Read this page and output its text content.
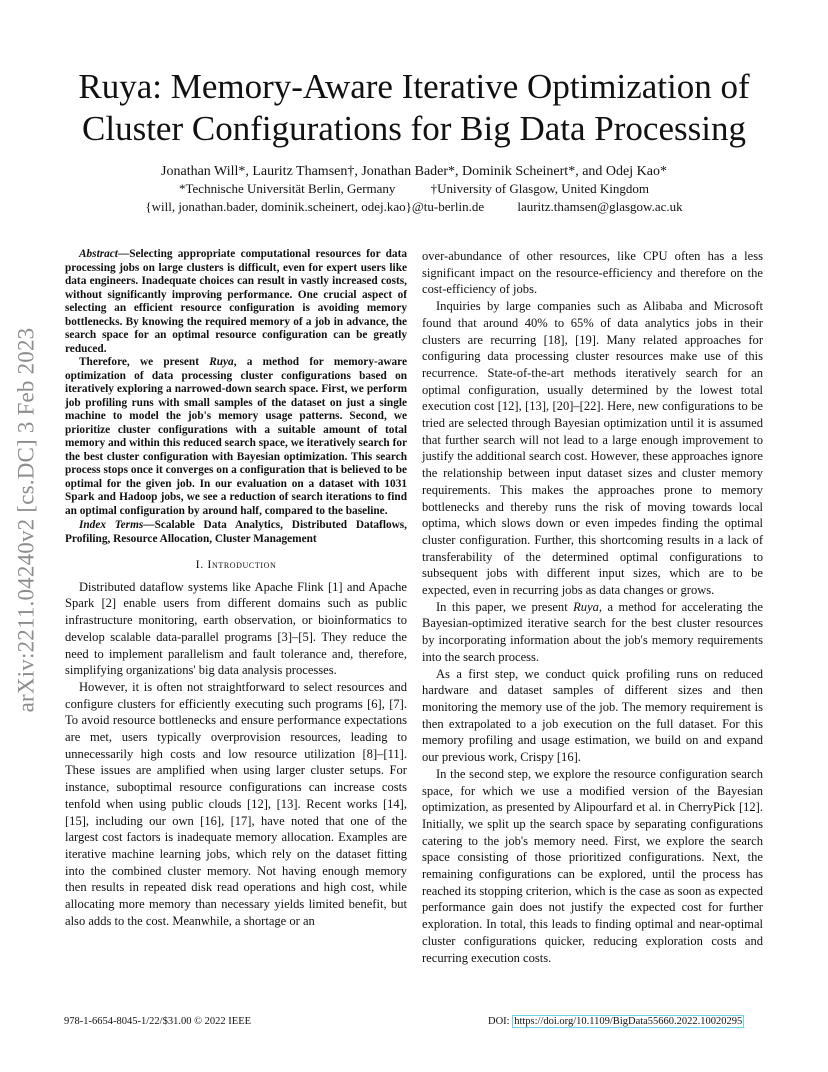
arXiv:2211.04240v2 [cs.DC] 3 Feb 2023
Ruya: Memory-Aware Iterative Optimization of
Cluster Configurations for Big Data Processing
Jonathan Will*, Lauritz Thamsen†, Jonathan Bader*, Dominik Scheinert*, and Odej Kao*
*Technische Universität Berlin, Germany	†University of Glasgow, United Kingdom
{will, jonathan.bader, dominik.scheinert, odej.kao}@tu-berlin.de	lauritz.thamsen@glasgow.ac.uk

Abstract—Selecting appropriate computational resources for data processing jobs on large clusters is difficult, even for expert users like data engineers. Inadequate choices can result in vastly increased costs, without significantly improving performance. One crucial aspect of selecting an efficient resource configuration is avoiding memory bottlenecks. By knowing the required memory of a job in advance, the search space for an optimal resource configuration can be greatly reduced.

Therefore, we present Ruya, a method for memory-aware optimization of data processing cluster configurations based on iteratively exploring a narrowed-down search space. First, we perform job profiling runs with small samples of the dataset on just a single machine to model the job's memory usage patterns. Second, we prioritize cluster configurations with a suitable amount of total memory and within this reduced search space, we iteratively search for the best cluster configuration with Bayesian optimization. This search process stops once it converges on a configuration that is believed to be optimal for the given job. In our evaluation on a dataset with 1031 Spark and Hadoop jobs, we see a reduction of search iterations to find an optimal configuration by around half, compared to the baseline.

Index Terms—Scalable Data Analytics, Distributed Dataflows, Profiling, Resource Allocation, Cluster Management

I. Introduction

Distributed dataflow systems like Apache Flink [1] and Apache Spark [2] enable users from different domains such as public infrastructure monitoring, earth observation, or bioinformatics to develop scalable data-parallel programs [3]–[5]. They reduce the need to implement parallelism and fault tolerance and, therefore, simplifying organizations' big data analysis processes.

However, it is often not straightforward to select resources and configure clusters for efficiently executing such programs [6], [7]. To avoid resource bottlenecks and ensure performance expectations are met, users typically overprovision resources, leading to unnecessarily high costs and low resource utilization [8]–[11]. These issues are amplified when using larger cluster setups. For instance, suboptimal resource configurations can increase costs tenfold when using public clouds [12], [13]. Recent works [14], [15], including our own [16], [17], have noted that one of the largest cost factors is inadequate memory allocation. Examples are iterative machine learning jobs, which rely on the dataset fitting into the combined cluster memory. Not having enough memory then results in repeated disk read operations and high cost, while allocating more memory than necessary yields limited benefit, but also adds to the cost. Meanwhile, a shortage or an

over-abundance of other resources, like CPU often has a less significant impact on the resource-efficiency and therefore on the cost-efficiency of jobs.

Inquiries by large companies such as Alibaba and Microsoft found that around 40% to 65% of data analytics jobs in their clusters are recurring [18], [19]. Many related approaches for configuring data processing cluster resources make use of this recurrence. State-of-the-art methods iteratively search for an optimal configuration, usually determined by the lowest total execution cost [12], [13], [20]–[22]. Here, new configurations to be tried are selected through Bayesian optimization until it is assumed that further search will not lead to a large enough improvement to justify the additional search cost. However, these approaches ignore the relationship between input dataset sizes and cluster memory requirements. This makes the approaches prone to memory bottlenecks and thereby runs the risk of moving towards local optima, which slows down or even impedes finding the optimal cluster configuration. Further, this shortcoming results in a lack of transferability of the determined optimal configurations to subsequent jobs with different input sizes, which are to be expected, even in recurring jobs as data changes or grows.

In this paper, we present Ruya, a method for accelerating the Bayesian-optimized iterative search for the best cluster resources by incorporating information about the job's memory requirements into the search process.

As a first step, we conduct quick profiling runs on reduced hardware and dataset samples of different sizes and then monitoring the memory use of the job. The memory requirement is then extrapolated to a job execution on the full dataset. For this memory profiling and usage estimation, we build on and expand our previous work, Crispy [16].

In the second step, we explore the resource configuration search space, for which we use a modified version of the Bayesian optimization, as presented by Alipourfard et al. in CherryPick [12]. Initially, we split up the search space by separating configurations catering to the job's memory need. First, we explore the search space consisting of those prioritized configurations. Next, the remaining configurations can be explored, until the process has reached its stopping criterion, which is the case as soon as expected performance gain does not justify the expected cost for further exploration. In total, this leads to finding optimal and near-optimal cluster configurations quicker, reducing exploration costs and recurring execution costs.

978-1-6654-8045-1/22/$31.00 © 2022 IEEE	DOI: https://doi.org/10.1109/BigData55660.2022.10020295
